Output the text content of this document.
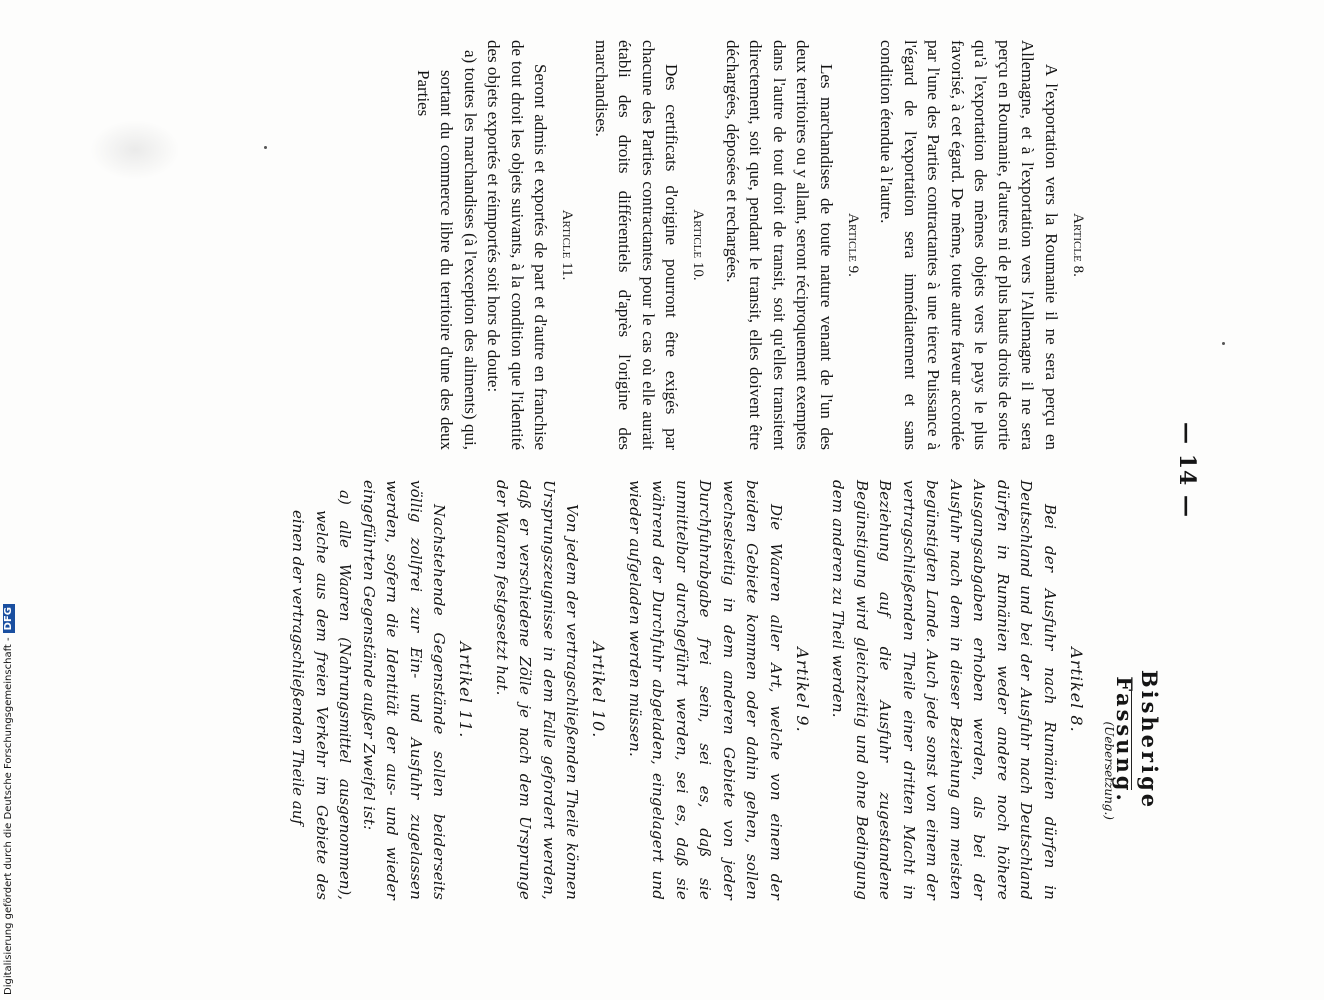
— 14 —
Bisherige Fassung.
(Uebersetzung.)
Article 8.

A l'exportation vers la Roumanie il ne sera perçu en Allemagne, et à l'exportation vers l'Allemagne il ne sera perçu en Roumanie, d'autres ni de plus hauts droits de sortie qu'à l'exportation des mêmes objets vers le pays le plus favorisé, à cet égard. De même, toute autre faveur accordée par l'une des Parties contractantes à une tierce Puissance à l'égard de l'exportation sera immédiatement et sans condition étendue à l'autre.

Article 9.

Les marchandises de toute nature venant de l'un des deux territoires ou y allant, seront réciproquement exemptes dans l'autre de tout droit de transit, soit qu'elles transitent directement, soit que, pendant le transit, elles doivent être déchargées, déposées et rechargées.

Article 10.

Des certificats d'origine pourront être exigés par chacune des Parties contractantes pour le cas où elle aurait établi des droits différentiels d'après l'origine des marchandises.

Article 11.

Seront admis et exportés de part et d'autre en franchise de tout droit les objets suivants, à la condition que l'identité des objets exportés et réimportés soit hors de doute:

a) toutes les marchandises (à l'exception des aliments) qui, sortant du commerce libre du territoire d'une des deux Parties

Artikel 8.

Bei der Ausfuhr nach Rumänien dürfen in Deutschland und bei der Ausfuhr nach Deutschland dürfen in Rumänien weder andere noch höhere Ausgangsabgaben erhoben werden, als bei der Ausfuhr nach dem in dieser Beziehung am meisten begünstigten Lande. Auch jede sonst von einem der vertragschließenden Theile einer dritten Macht in Beziehung auf die Ausfuhr zugestandene Begünstigung wird gleichzeitig und ohne Bedingung dem anderen zu Theil werden.

Artikel 9.

Die Waaren aller Art, welche von einem der beiden Gebiete kommen oder dahin gehen, sollen wechselseitig in dem anderen Gebiete von jeder Durchfuhrabgabe frei sein, sei es, daß sie unmittelbar durchgeführt werden, sei es, daß sie während der Durchfuhr abgeladen, eingelagert und wieder aufgeladen werden müssen.

Artikel 10.

Von jedem der vertragschließenden Theile können Ursprungszeugnisse in dem Falle gefordert werden, daß er verschiedene Zölle je nach dem Ursprunge der Waaren festgesetzt hat.

Artikel 11.

Nachstehende Gegenstände sollen beiderseits völlig zollfrei zur Ein- und Ausfuhr zugelassen werden, sofern die Identität der aus- und wieder eingeführten Gegenstände außer Zweifel ist:

a) alle Waaren (Nahrungsmittel ausgenommen), welche aus dem freien Verkehr im Gebiete des einen der vertragschließenden Theile auf

Digitalisierung gefördert durch die Deutsche Forschungsgemeinschaft -DFG
